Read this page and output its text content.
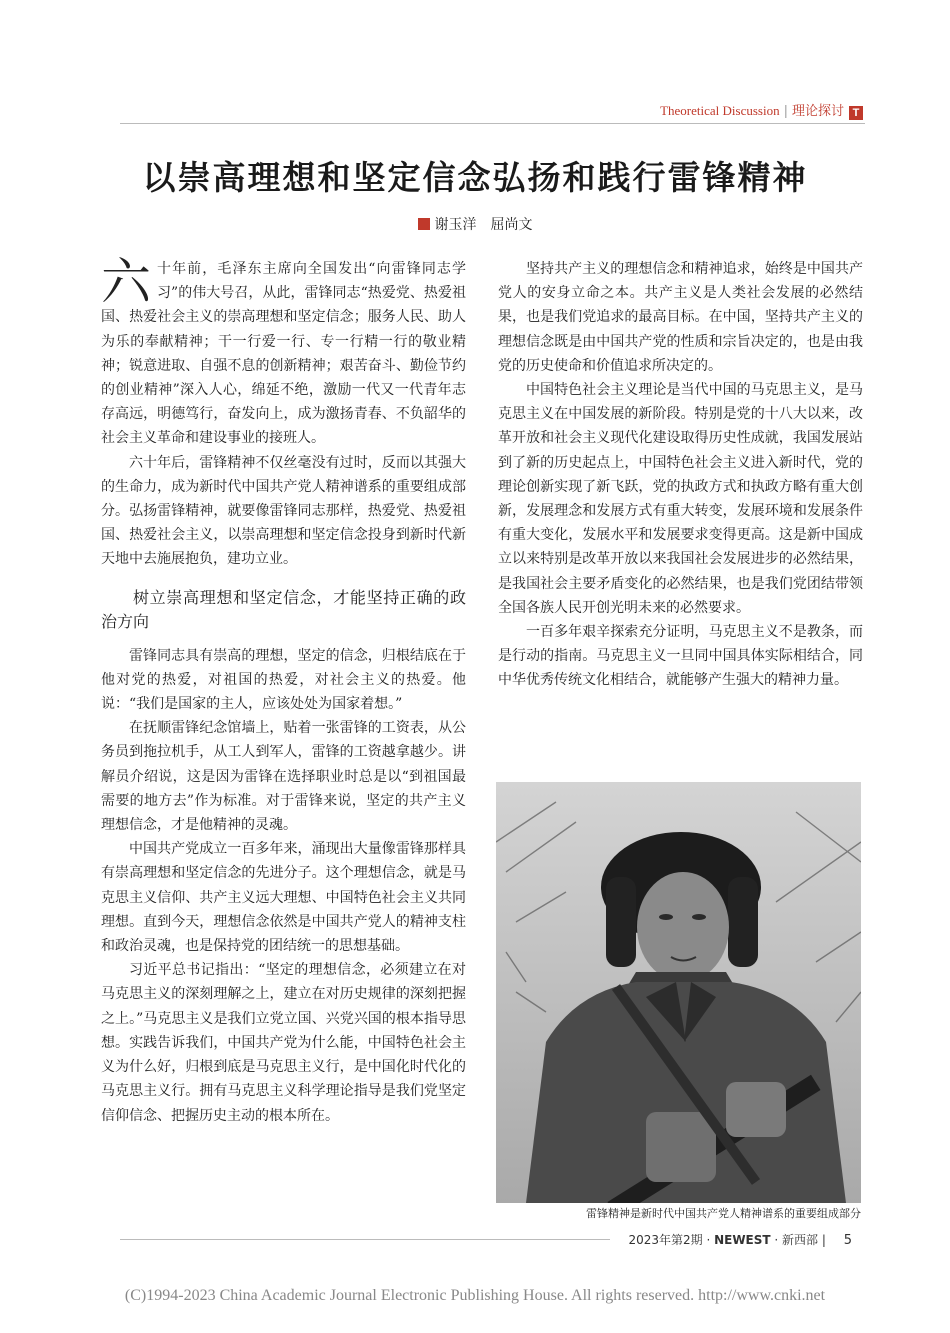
Theoretical Discussion | 理论探讨 T
以崇高理想和坚定信念弘扬和践行雷锋精神
谢玉洋　屈尚文

六十年前，毛泽东主席向全国发出“向雷锋同志学习”的伟大号召，从此，雷锋同志“热爱党、热爱祖国、热爱社会主义的崇高理想和坚定信念；服务人民、助人为乐的奉献精神；干一行爱一行、专一行精一行的敬业精神；锐意进取、自强不息的创新精神；艰苦奋斗、勤俭节约的创业精神”深入人心，绵延不绝，激励一代又一代青年志存高远，明德笃行，奋发向上，成为激扬青春、不负韶华的社会主义革命和建设事业的接班人。

六十年后，雷锋精神不仅丝毫没有过时，反而以其强大的生命力，成为新时代中国共产党人精神谱系的重要组成部分。弘扬雷锋精神，就要像雷锋同志那样，热爱党、热爱祖国、热爱社会主义，以崇高理想和坚定信念投身到新时代新天地中去施展抱负，建功立业。

树立崇高理想和坚定信念，才能坚持正确的政治方向

雷锋同志具有崇高的理想，坚定的信念，归根结底在于他对党的热爱，对祖国的热爱，对社会主义的热爱。他说：“我们是国家的主人，应该处处为国家着想。”

在抚顺雷锋纪念馆墙上，贴着一张雷锋的工资表，从公务员到拖拉机手，从工人到军人，雷锋的工资越拿越少。讲解员介绍说，这是因为雷锋在选择职业时总是以“到祖国最需要的地方去”作为标准。对于雷锋来说，坚定的共产主义理想信念，才是他精神的灵魂。

中国共产党成立一百多年来，涌现出大量像雷锋那样具有崇高理想和坚定信念的先进分子。这个理想信念，就是马克思主义信仰、共产主义远大理想、中国特色社会主义共同理想。直到今天，理想信念依然是中国共产党人的精神支柱和政治灵魂，也是保持党的团结统一的思想基础。

习近平总书记指出：“坚定的理想信念，必须建立在对马克思主义的深刻理解之上，建立在对历史规律的深刻把握之上。”马克思主义是我们立党立国、兴党兴国的根本指导思想。实践告诉我们，中国共产党为什么能，中国特色社会主义为什么好，归根到底是马克思主义行，是中国化时代化的马克思主义行。拥有马克思主义科学理论指导是我们党坚定信仰信念、把握历史主动的根本所在。

坚持共产主义的理想信念和精神追求，始终是中国共产党人的安身立命之本。共产主义是人类社会发展的必然结果，也是我们党追求的最高目标。在中国，坚持共产主义的理想信念既是由中国共产党的性质和宗旨决定的，也是由我党的历史使命和价值追求所决定的。

中国特色社会主义理论是当代中国的马克思主义，是马克思主义在中国发展的新阶段。特别是党的十八大以来，改革开放和社会主义现代化建设取得历史性成就，我国发展站到了新的历史起点上，中国特色社会主义进入新时代，党的理论创新实现了新飞跃，党的执政方式和执政方略有重大创新，发展理念和发展方式有重大转变，发展环境和发展条件有重大变化，发展水平和发展要求变得更高。这是新中国成立以来特别是改革开放以来我国社会发展进步的必然结果，是我国社会主要矛盾变化的必然结果，也是我们党团结带领全国各族人民开创光明未来的必然要求。

一百多年艰辛探索充分证明，马克思主义不是教条，而是行动的指南。马克思主义一旦同中国具体实际相结合，同中华优秀传统文化相结合，就能够产生强大的精神力量。

雷锋精神是新时代中国共产党人精神谱系的重要组成部分
2023年第2期 · NEWEST · 新西部 | 5
(C)1994-2023 China Academic Journal Electronic Publishing House. All rights reserved. http://www.cnki.net
